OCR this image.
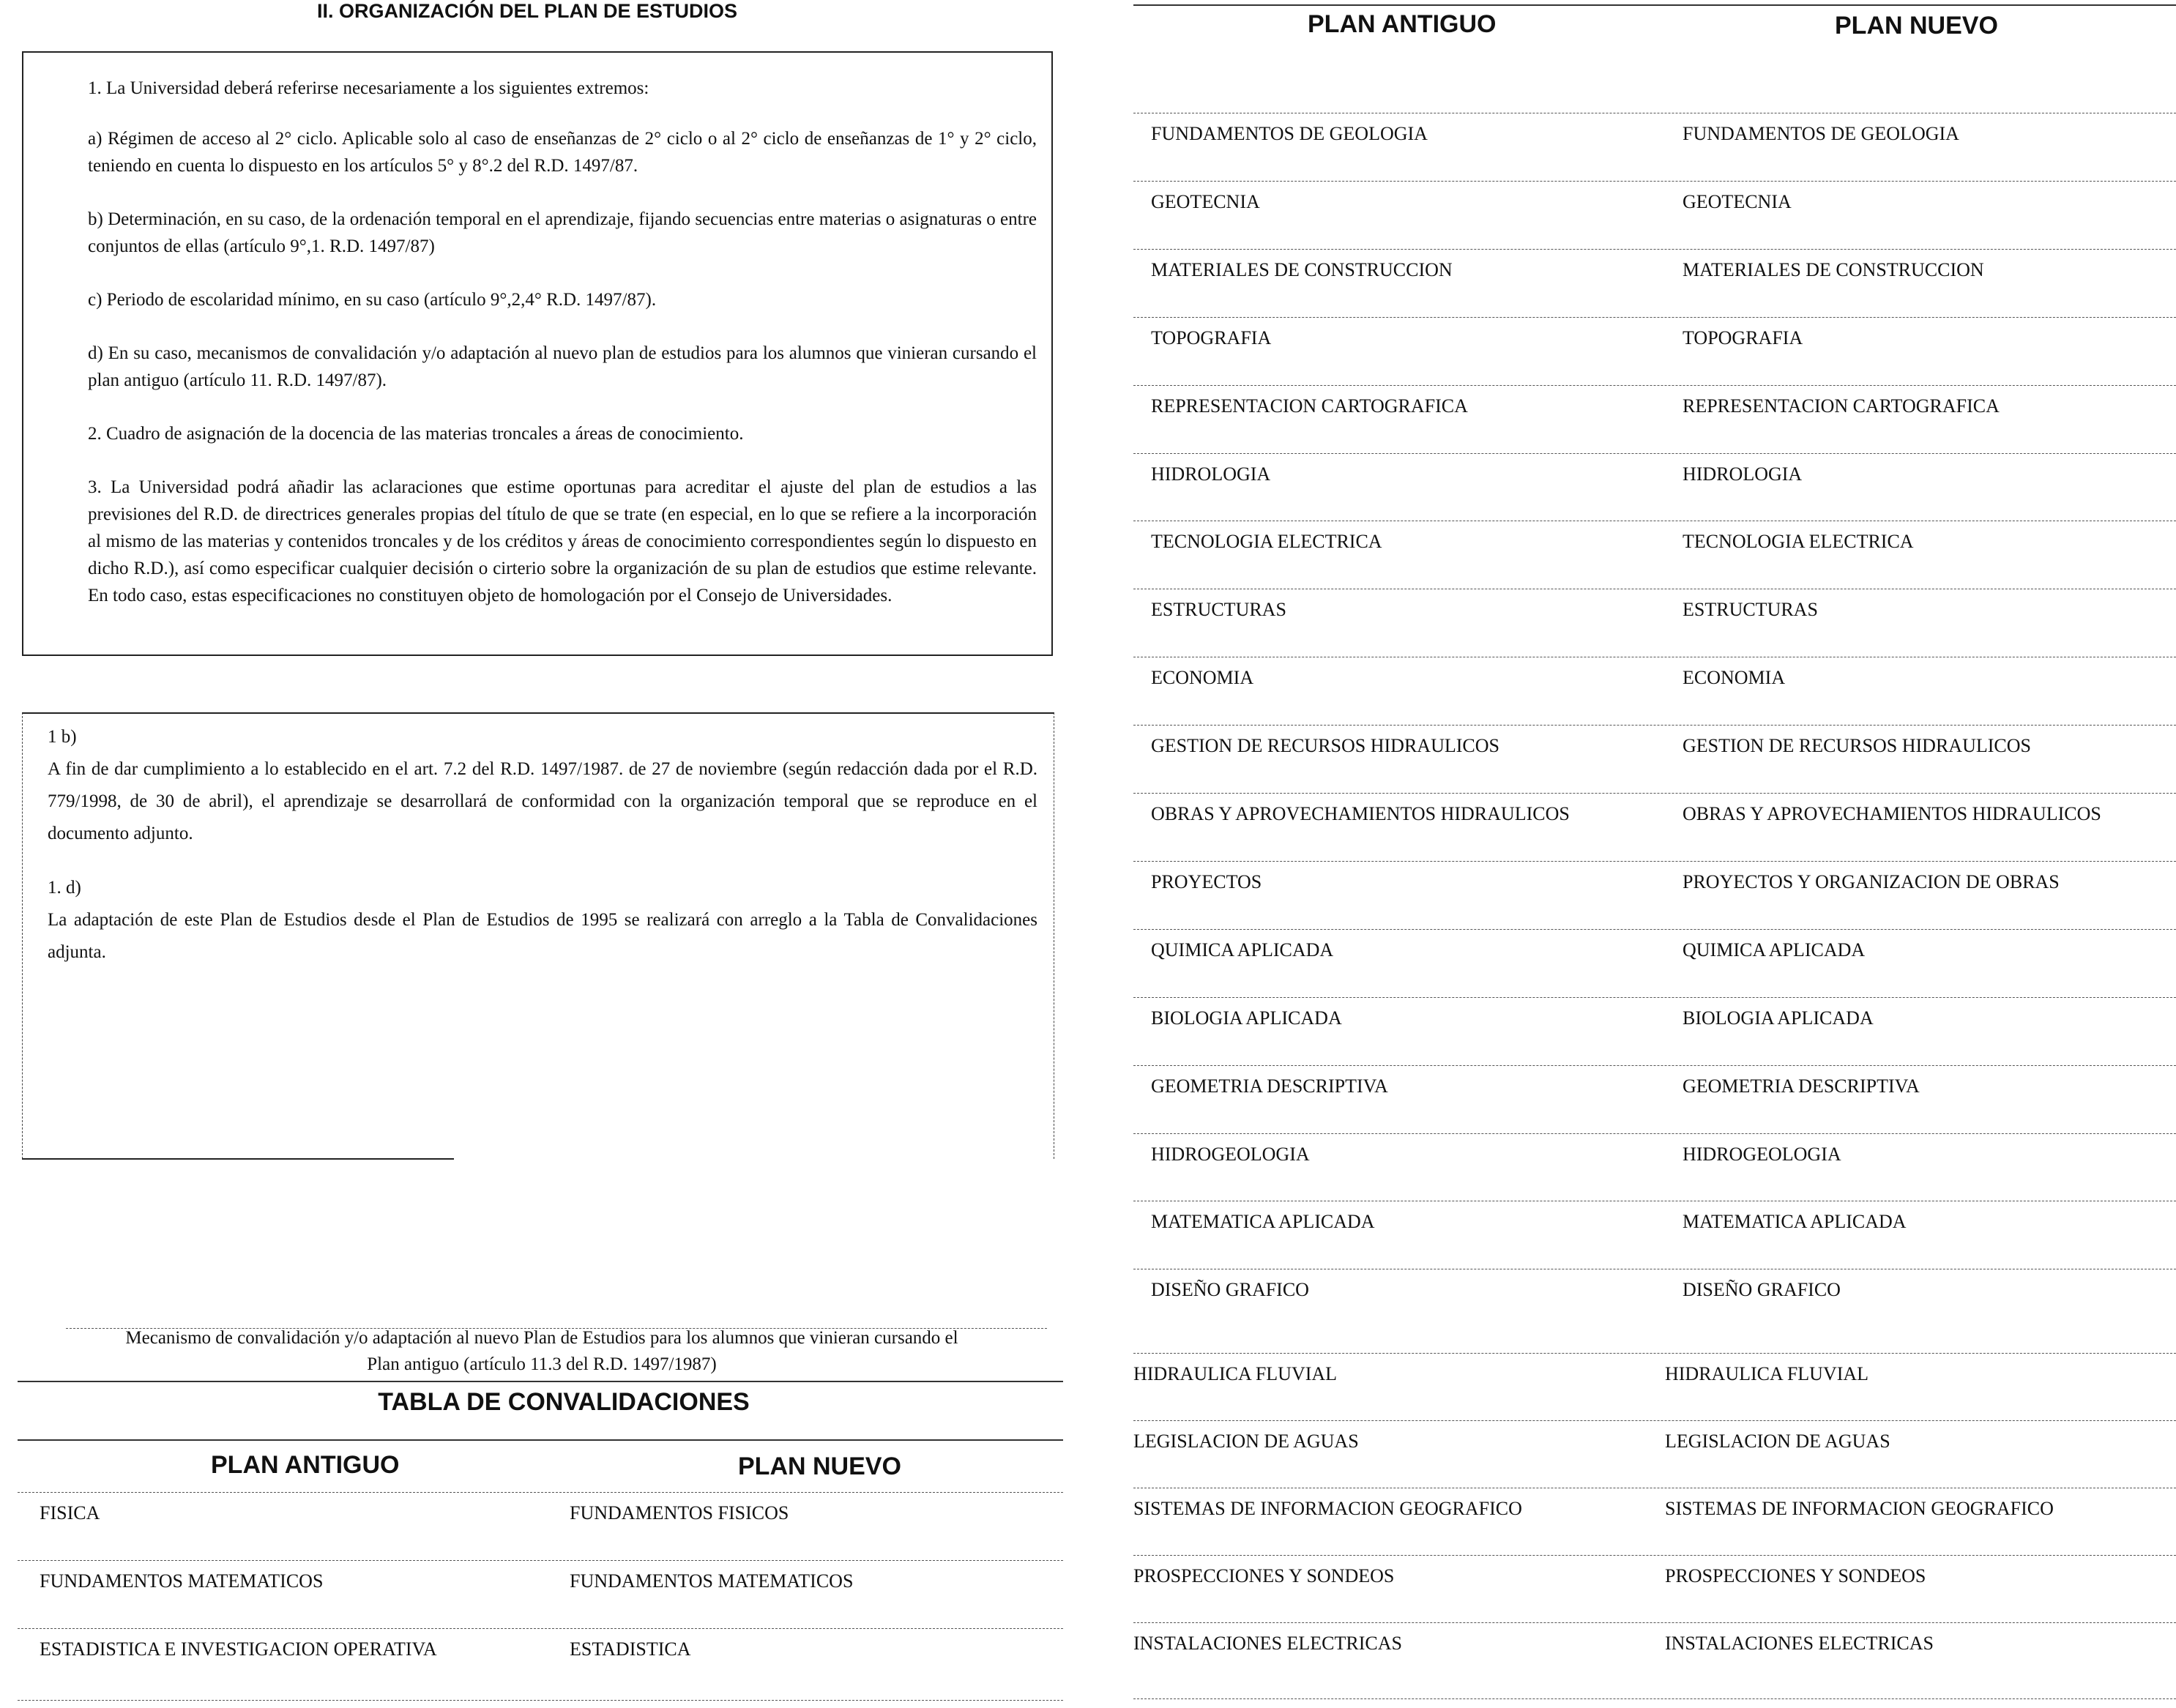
II. ORGANIZACIÓN DEL PLAN DE ESTUDIOS

1. La Universidad deberá referirse necesariamente a los siguientes extremos:

a) Régimen de acceso al 2° ciclo. Aplicable solo al caso de enseñanzas de 2° ciclo o al 2° ciclo de enseñanzas de 1° y 2° ciclo, teniendo en cuenta lo dispuesto en los artículos 5° y 8°.2 del R.D. 1497/87.

b) Determinación, en su caso, de la ordenación temporal en el aprendizaje, fijando secuencias entre materias o asignaturas o entre conjuntos de ellas (artículo 9°,1. R.D. 1497/87)

c) Periodo de escolaridad mínimo, en su caso (artículo 9°,2,4° R.D. 1497/87).

d) En su caso, mecanismos de convalidación y/o adaptación al nuevo plan de estudios para los alumnos que vinieran cursando el plan antiguo (artículo 11. R.D. 1497/87).

2. Cuadro de asignación de la docencia de las materias troncales a áreas de conocimiento.

3. La Universidad podrá añadir las aclaraciones que estime oportunas para acreditar el ajuste del plan de estudios a las previsiones del R.D. de directrices generales propias del título de que se trate (en especial, en lo que se refiere a la incorporación al mismo de las materias y contenidos troncales y de los créditos y áreas de conocimiento correspondientes según lo dispuesto en dicho R.D.), así como especificar cualquier decisión o cirterio sobre la organización de su plan de estudios que estime relevante. En todo caso, estas especificaciones no constituyen objeto de homologación por el Consejo de Universidades.

1 b)

A fin de dar cumplimiento a lo establecido en el art. 7.2 del R.D. 1497/1987. de 27 de noviembre (según redacción dada por el R.D. 779/1998, de 30 de abril), el aprendizaje se desarrollará de conformidad con la organización temporal que se reproduce en el documento adjunto.

1. d)

La adaptación de este Plan de Estudios desde el Plan de Estudios de 1995 se realizará con arreglo a la Tabla de Convalidaciones adjunta.

Mecanismo de convalidación y/o adaptación al nuevo Plan de Estudios para los alumnos que vinieran cursando el
Plan antiguo (artículo 11.3 del R.D. 1497/1987)
TABLA DE CONVALIDACIONES
PLAN ANTIGUO	PLAN NUEVO
FISICA	FUNDAMENTOS FISICOS
FUNDAMENTOS MATEMATICOS	FUNDAMENTOS MATEMATICOS
ESTADISTICA E INVESTIGACION OPERATIVA	ESTADISTICA
PLAN ANTIGUO	PLAN NUEVO
FUNDAMENTOS DE GEOLOGIA	FUNDAMENTOS DE GEOLOGIA
GEOTECNIA	GEOTECNIA
MATERIALES DE CONSTRUCCION	MATERIALES DE CONSTRUCCION
TOPOGRAFIA	TOPOGRAFIA
REPRESENTACION CARTOGRAFICA	REPRESENTACION CARTOGRAFICA
HIDROLOGIA	HIDROLOGIA
TECNOLOGIA ELECTRICA	TECNOLOGIA ELECTRICA
ESTRUCTURAS	ESTRUCTURAS
ECONOMIA	ECONOMIA
GESTION DE RECURSOS HIDRAULICOS	GESTION DE RECURSOS HIDRAULICOS
OBRAS Y APROVECHAMIENTOS HIDRAULICOS	OBRAS Y APROVECHAMIENTOS HIDRAULICOS
PROYECTOS	PROYECTOS Y ORGANIZACION DE OBRAS
QUIMICA APLICADA	QUIMICA APLICADA
BIOLOGIA APLICADA	BIOLOGIA APLICADA
GEOMETRIA DESCRIPTIVA	GEOMETRIA DESCRIPTIVA
HIDROGEOLOGIA	HIDROGEOLOGIA
MATEMATICA APLICADA	MATEMATICA APLICADA
DISEÑO GRAFICO	DISEÑO GRAFICO
HIDRAULICA FLUVIAL	HIDRAULICA FLUVIAL
LEGISLACION DE AGUAS	LEGISLACION DE AGUAS
SISTEMAS DE INFORMACION GEOGRAFICO	SISTEMAS DE INFORMACION GEOGRAFICO
PROSPECCIONES Y SONDEOS	PROSPECCIONES Y SONDEOS
INSTALACIONES ELECTRICAS	INSTALACIONES ELECTRICAS
